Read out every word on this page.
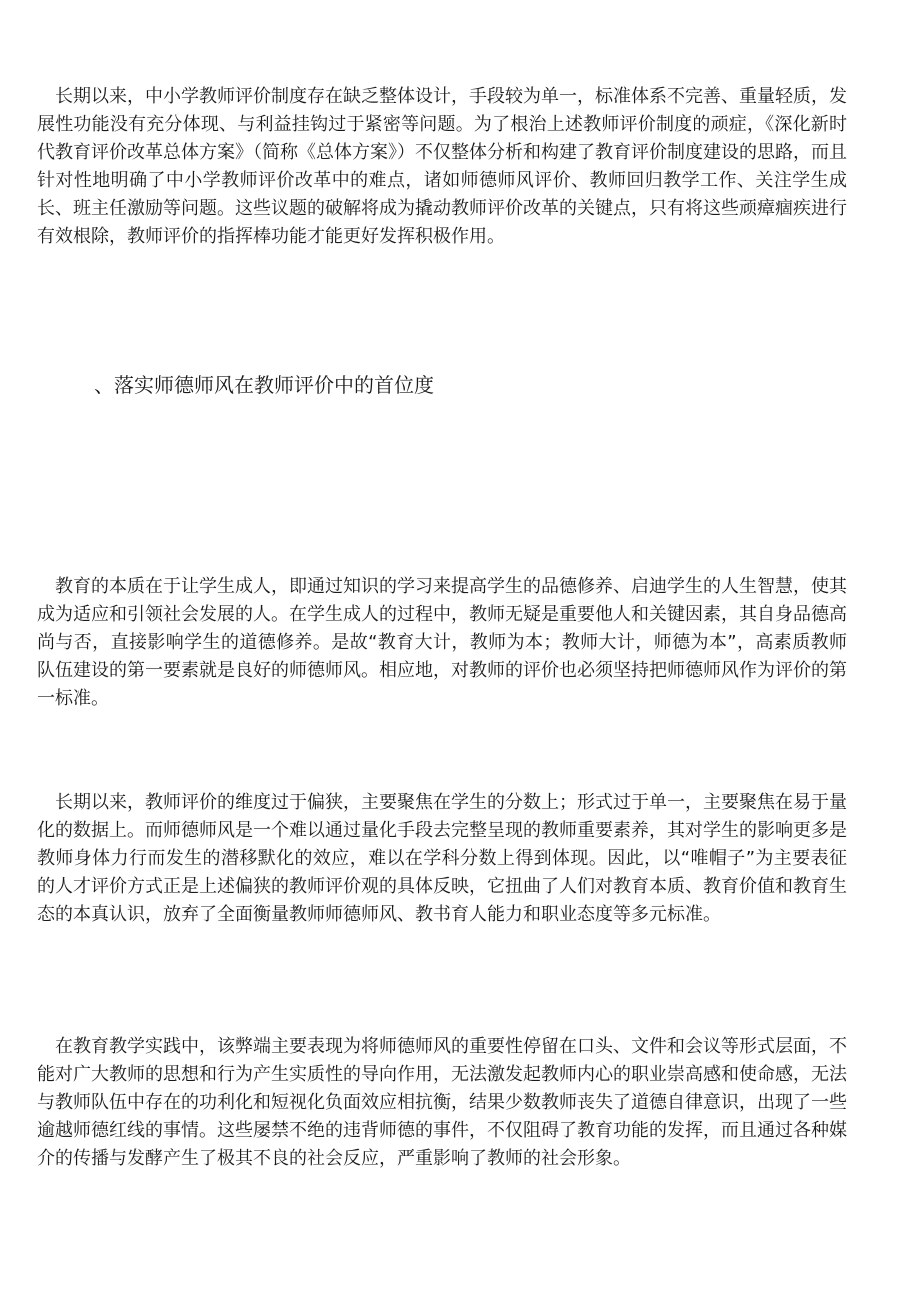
长期以来，中小学教师评价制度存在缺乏整体设计，手段较为单一，标准体系不完善、重量轻质，发展性功能没有充分体现、与利益挂钩过于紧密等问题。为了根治上述教师评价制度的顽症，《深化新时代教育评价改革总体方案》（简称《总体方案》）不仅整体分析和构建了教育评价制度建设的思路，而且针对性地明确了中小学教师评价改革中的难点，诸如师德师风评价、教师回归教学工作、关注学生成长、班主任激励等问题。这些议题的破解将成为撬动教师评价改革的关键点，只有将这些顽瘴痼疾进行有效根除，教师评价的指挥棒功能才能更好发挥积极作用。

、落实师德师风在教师评价中的首位度

教育的本质在于让学生成人，即通过知识的学习来提高学生的品德修养、启迪学生的人生智慧，使其成为适应和引领社会发展的人。在学生成人的过程中，教师无疑是重要他人和关键因素，其自身品德高尚与否，直接影响学生的道德修养。是故“教育大计，教师为本；教师大计，师德为本”，高素质教师队伍建设的第一要素就是良好的师德师风。相应地，对教师的评价也必须坚持把师德师风作为评价的第一标准。

长期以来，教师评价的维度过于偏狭，主要聚焦在学生的分数上；形式过于单一，主要聚焦在易于量化的数据上。而师德师风是一个难以通过量化手段去完整呈现的教师重要素养，其对学生的影响更多是教师身体力行而发生的潜移默化的效应，难以在学科分数上得到体现。因此，以“唯帽子”为主要表征的人才评价方式正是上述偏狭的教师评价观的具体反映，它扭曲了人们对教育本质、教育价值和教育生态的本真认识，放弃了全面衡量教师师德师风、教书育人能力和职业态度等多元标准。

在教育教学实践中，该弊端主要表现为将师德师风的重要性停留在口头、文件和会议等形式层面，不能对广大教师的思想和行为产生实质性的导向作用，无法激发起教师内心的职业崇高感和使命感，无法与教师队伍中存在的功利化和短视化负面效应相抗衡，结果少数教师丧失了道德自律意识，出现了一些逾越师德红线的事情。这些屡禁不绝的违背师德的事件，不仅阻碍了教育功能的发挥，而且通过各种媒介的传播与发酵产生了极其不良的社会反应，严重影响了教师的社会形象。
